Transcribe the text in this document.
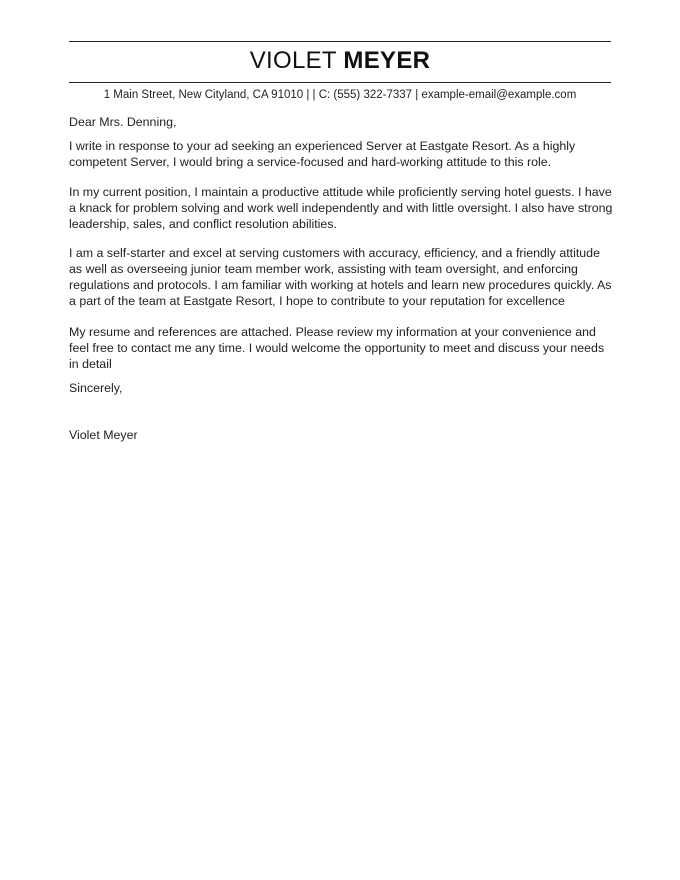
VIOLET MEYER
1 Main Street, New Cityland, CA 91010 | | C: (555) 322-7337 | example-email@example.com
Dear Mrs. Denning,

I write in response to your ad seeking an experienced Server at Eastgate Resort. As a highly competent Server, I would bring a service-focused and hard-working attitude to this role.

In my current position, I maintain a productive attitude while proficiently serving hotel guests. I have a knack for problem solving and work well independently and with little oversight. I also have strong leadership, sales, and conflict resolution abilities.

I am a self-starter and excel at serving customers with accuracy, efficiency, and a friendly attitude as well as overseeing junior team member work, assisting with team oversight, and enforcing regulations and protocols. I am familiar with working at hotels and learn new procedures quickly. As a part of the team at Eastgate Resort, I hope to contribute to your reputation for excellence

My resume and references are attached. Please review my information at your convenience and feel free to contact me any time. I would welcome the opportunity to meet and discuss your needs in detail

Sincerely,
Violet Meyer
